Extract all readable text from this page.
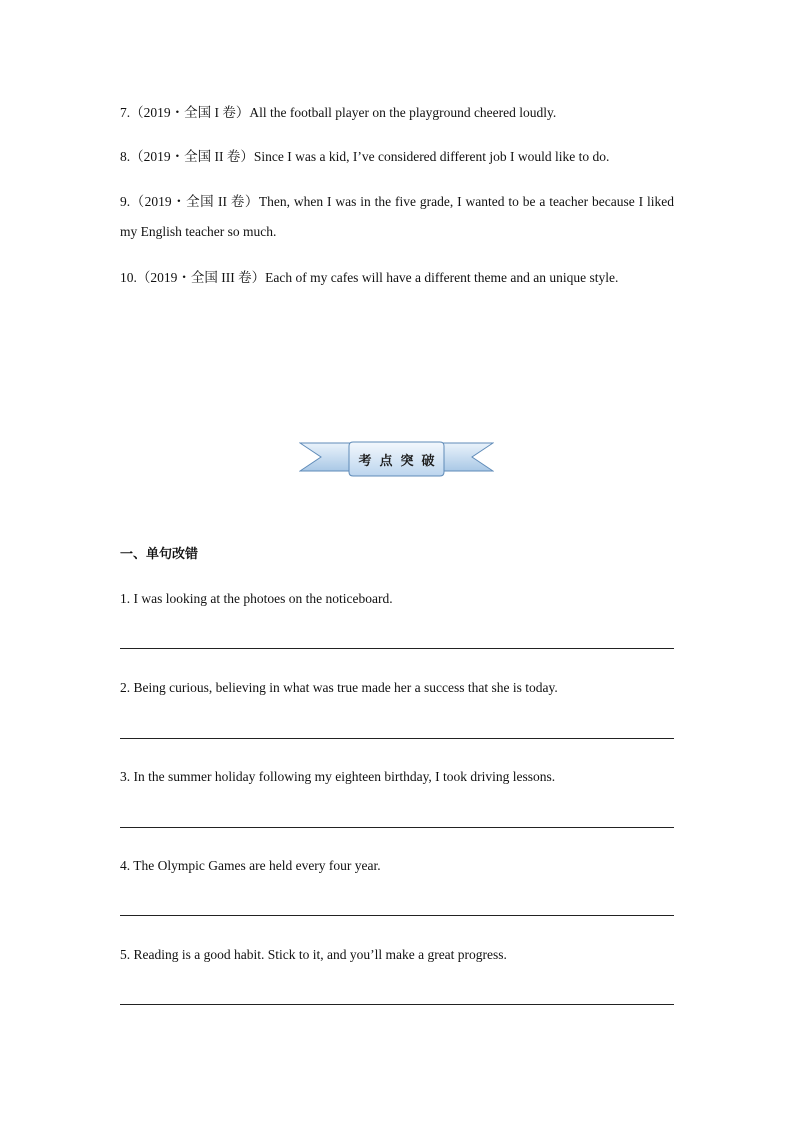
7.（2019・全国 I 卷）All the football player on the playground cheered loudly.

8.（2019・全国 II 卷）Since I was a kid, I’ve considered different job I would like to do.

9.（2019・全国 II 卷）Then, when I was in the five grade, I wanted to be a teacher because I liked my English teacher so much.

10.（2019・全国 III 卷）Each of my cafes will have a different theme and an unique style.

考点突破

一、单句改错

1. I was looking at the photoes on the noticeboard.

2. Being curious, believing in what was true made her a success that she is today.

3. In the summer holiday following my eighteen birthday, I took driving lessons.

4. The Olympic Games are held every four year.

5. Reading is a good habit. Stick to it, and you’ll make a great progress.
